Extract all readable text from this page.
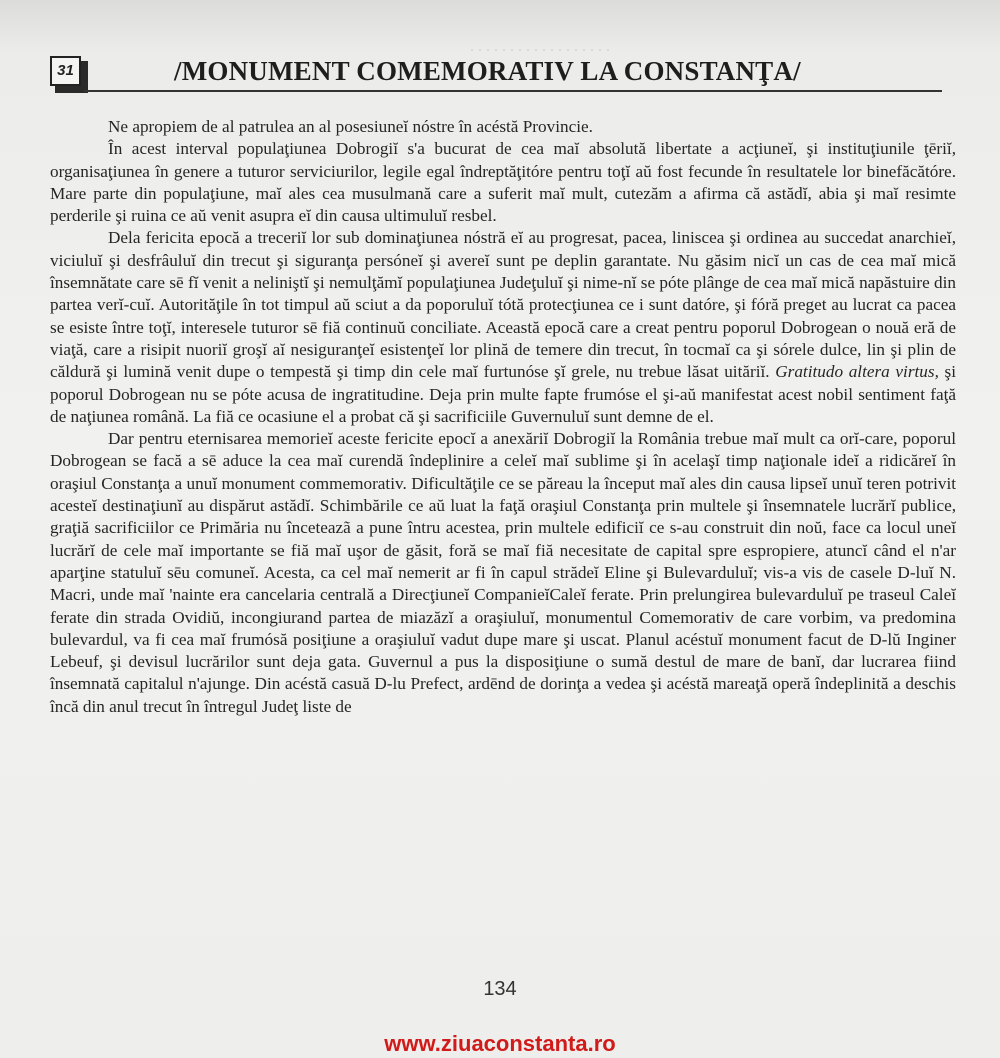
. . . . . . . . . . . . . . . . . .
31	/MONUMENT COMEMORATIV LA CONSTANŢA/

Ne apropiem de al patrulea an al posesiuneĭ nóstre în acéstă Provincie.

În acest interval populaţiunea Dobrogiĭ s'a bucurat de cea maĭ absolută libertate a acţiuneĭ, şi instituţiunile ţēriĭ, organisaţiunea în genere a tuturor serviciurilor, legile egal îndreptăţitóre pentru toţĭ aŭ fost fecunde în resultatele lor binefăcătóre. Mare parte din populaţiune, maĭ ales cea musulmană care a suferit maĭ mult, cutezăm a afirma că astădĭ, abia şi maĭ resimte perderile şi ruina ce aŭ venit asupra eĭ din causa ultimuluĭ resbel.

Dela fericita epocă a treceriĭ lor sub dominaţiunea nóstră eĭ au progresat, pacea, liniscea şi ordinea au succedat anarchieĭ, viciuluĭ şi desfrâuluĭ din trecut şi siguranţa persóneĭ şi avereĭ sunt pe deplin garantate. Nu găsim nicĭ un cas de cea maĭ mică însemnătate care sē fĭ venit a neliniştĭ şi nemulţămĭ populaţiunea Judeţuluĭ şi nime-nĭ se póte plânge de cea maĭ mică napăstuire din partea verĭ-cuĭ. Autorităţile în tot timpul aŭ sciut a da poporuluĭ tótă protecţiunea ce i sunt datóre, şi fóră preget au lucrat ca pacea se esiste între toţĭ, interesele tuturor sē fiă continuŭ conciliate. Această epocă care a creat pentru poporul Dobrogean o nouă eră de viaţă, care a risipit nuoriĭ groşĭ aĭ nesiguranţeĭ esistenţeĭ lor plină de temere din trecut, în tocmaĭ ca şi sórele dulce, lin şi plin de căldură şi lumină venit dupe o tempestă şi timp din cele maĭ furtunóse şĭ grele, nu trebue lăsat uităriĭ. Gratitudo altera virtus, şi poporul Dobrogean nu se póte acusa de ingratitudine. Deja prin multe fapte frumóse el şi-aŭ manifestat acest nobil sentiment faţă de naţiunea română. La fiă ce ocasiune el a probat că şi sacrificiile Guvernuluĭ sunt demne de el.

Dar pentru eternisarea memorieĭ aceste fericite epocĭ a anexăriĭ Dobrogiĭ la România trebue maĭ mult ca orĭ-care, poporul Dobrogean se facă a sē aduce la cea maĭ curendă îndeplinire a celeĭ maĭ sublime şi în acelaşĭ timp naţionale ideĭ a ridicăreĭ în oraşiul Constanţa a unuĭ monument commemorativ. Dificultăţile ce se păreau la început maĭ ales din causa lipseĭ unuĭ teren potrivit acesteĭ destinaţiunĭ au dispărut astădĭ. Schimbările ce aŭ luat la faţă oraşiul Constanţa prin multele şi însemnatele lucrărĭ publice, graţiă sacrificiilor ce Primăria nu înceteazã a pune întru acestea, prin multele edificiĭ ce s-au construit din noŭ, face ca locul uneĭ lucrărĭ de cele maĭ importante se fiă maĭ uşor de găsit, foră se maĭ fiă necesitate de capital spre espropiere, atuncĭ când el n'ar aparţine statuluĭ sēu comuneĭ. Acesta, ca cel maĭ nemerit ar fi în capul strădeĭ Eline şi Bulevarduluĭ; vis-a vis de casele D-luĭ N. Macri, unde maĭ 'nainte era cancelaria centrală a Direcţiuneĭ CompanieĭCaleĭ ferate. Prin prelungirea bulevarduluĭ pe traseul Caleĭ ferate din strada Ovidiŭ, incongiurand partea de miazăzĭ a oraşiuluĭ, monumentul Comemorativ de care vorbim, va predomina bulevardul, va fi cea maĭ frumósă posiţiune a oraşiuluĭ vadut dupe mare şi uscat. Planul acéstuĭ monument facut de D-lŭ Inginer Lebeuf, şi devisul lucrărilor sunt deja gata. Guvernul a pus la disposiţiune o sumă destul de mare de banĭ, dar lucrarea fiind însemnată capitalul n'ajunge. Din acéstă casuă D-lu Prefect, ardēnd de dorinţa a vedea şi acéstă mareaţă operă îndeplinită a deschis încă din anul trecut în întregul Judeţ liste de

134
www.ziuaconstanta.ro
